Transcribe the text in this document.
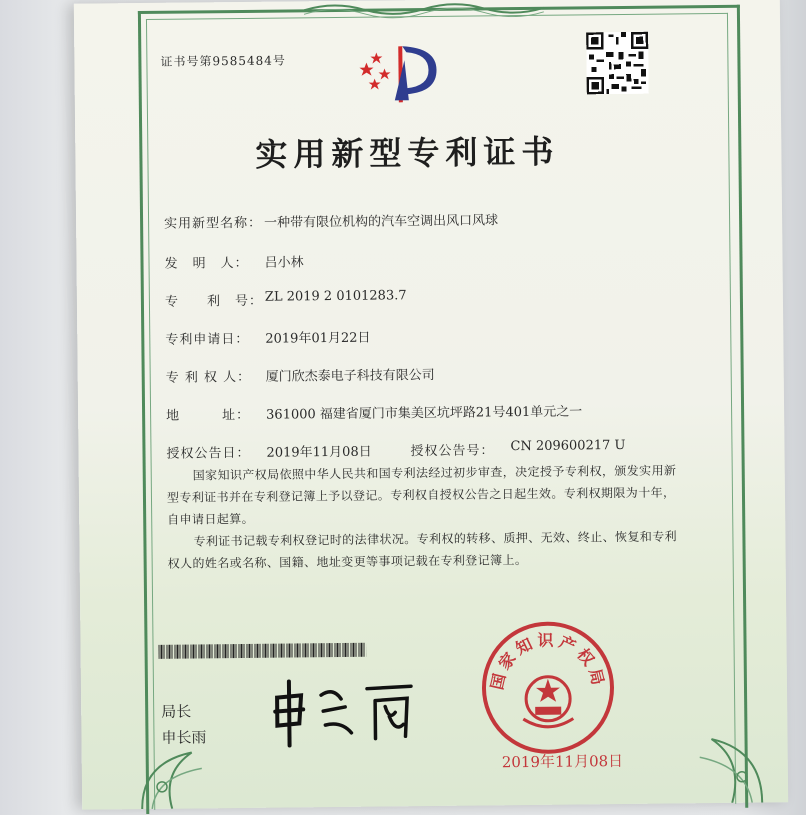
证书号第9585484号
实用新型专利证书
实用新型名称： 一种带有限位机构的汽车空调出风口风球
发　明　人： 吕小林
专　　利　号： ZL 2019 2 0101283.7
专利申请日： 2019年01月22日
专 利 权 人： 厦门欣杰泰电子科技有限公司
地　　　址： 361000 福建省厦门市集美区坑坪路21号401单元之一
授权公告日： 2019年11月08日	授权公告号： CN 209600217 U
国家知识产权局依照中华人民共和国专利法经过初步审查，决定授予专利权，颁发实用新型专利证书并在专利登记簿上予以登记。专利权自授权公告之日起生效。专利权期限为十年，自申请日起算。
专利证书记载专利权登记时的法律状况。专利权的转移、质押、无效、终止、恢复和专利权人的姓名或名称、国籍、地址变更等事项记载在专利登记簿上。
局长
申长雨
国家知识产权局
2019年11月08日
